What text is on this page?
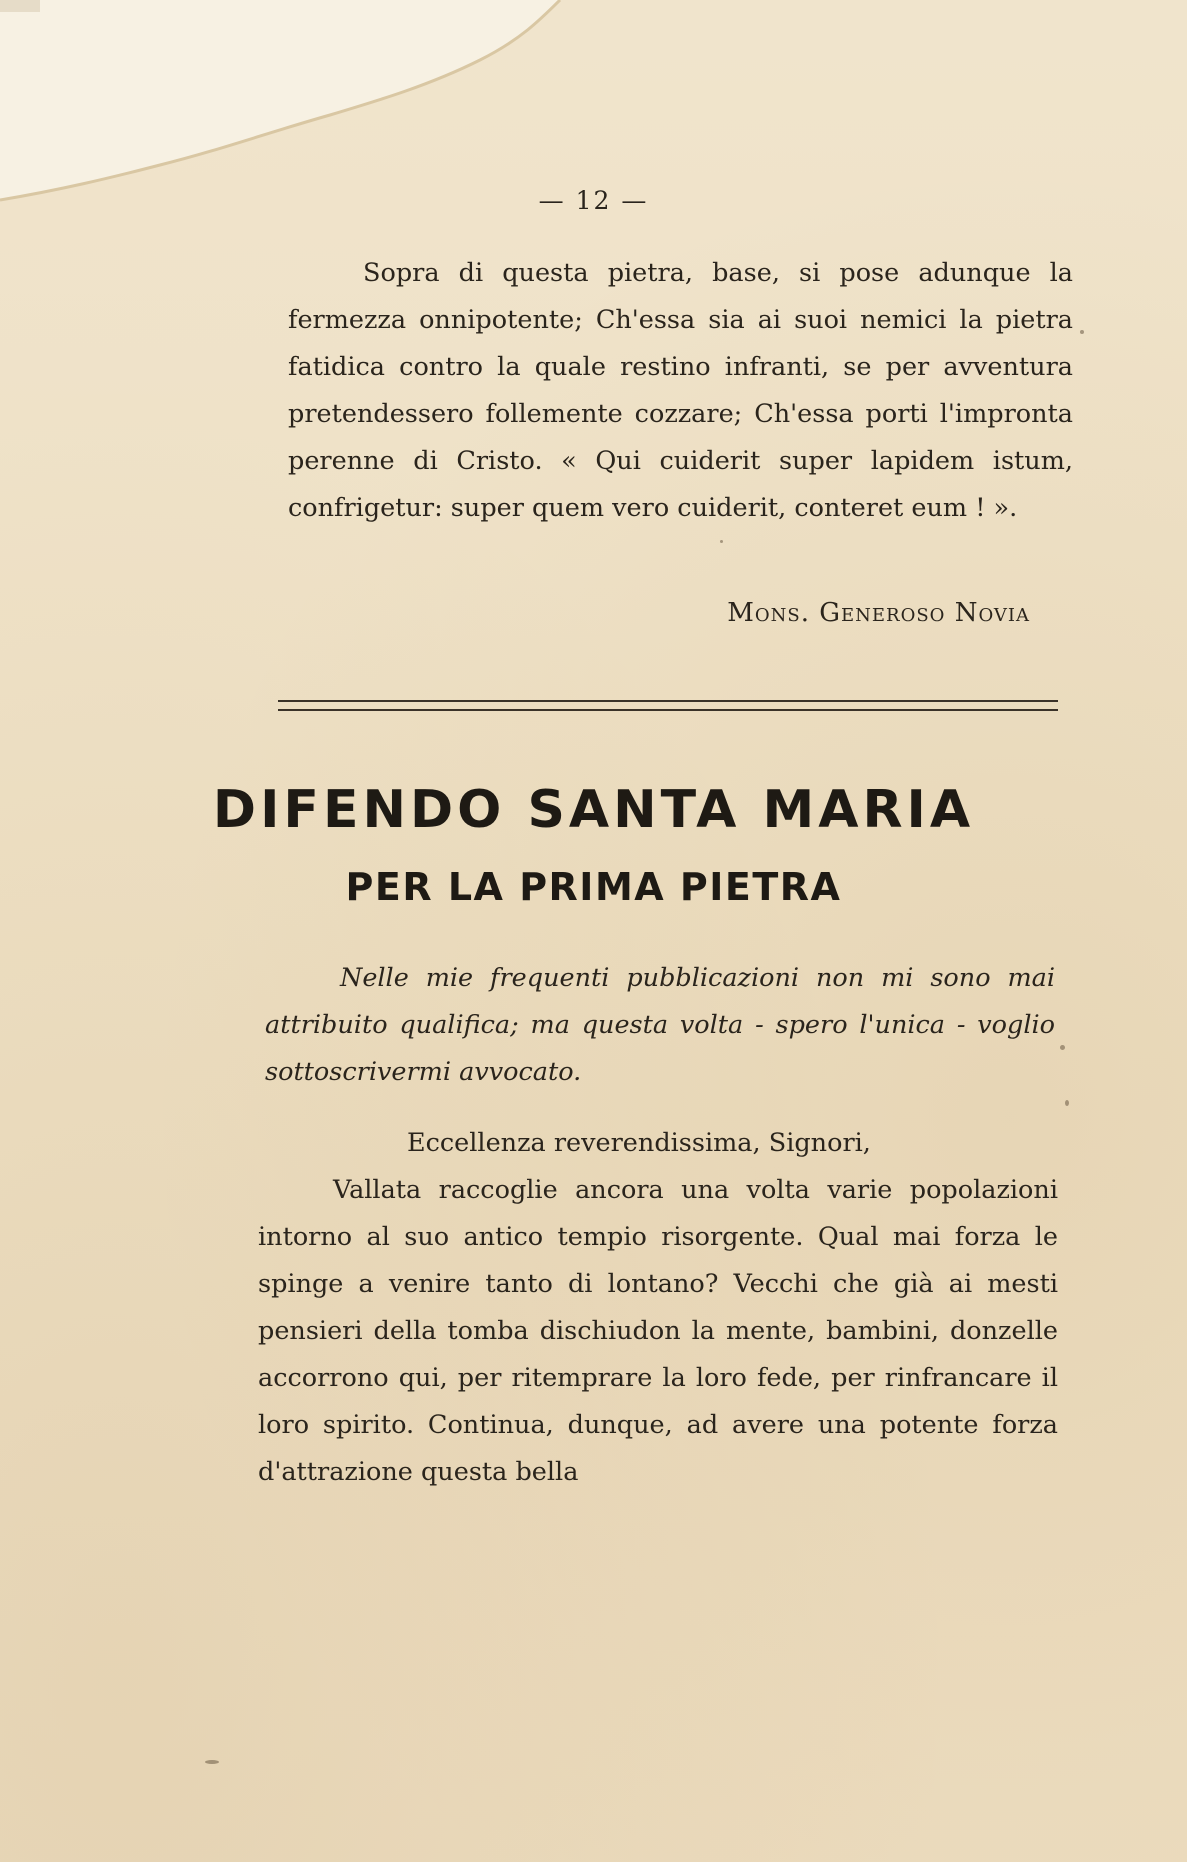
— 12 —

Sopra di questa pietra, base, si pose adunque la fermezza onnipotente; Ch'essa sia ai suoi nemici la pietra fatidica contro la quale restino infranti, se per avventura pretendessero follemente cozzare; Ch'essa porti l'impronta perenne di Cristo. « Qui cuiderit super lapidem istum, confrigetur: super quem vero cuiderit, conteret eum ! ».

Mons. Generoso Novia
DIFENDO SANTA MARIA
PER LA PRIMA PIETRA

Nelle mie frequenti pubblicazioni non mi sono mai attribuito qualifica; ma questa volta - spero l'unica - voglio sottoscrivermi avvocato.

Eccellenza reverendissima, Signori,

Vallata raccoglie ancora una volta varie popolazioni intorno al suo antico tempio risorgente. Qual mai forza le spinge a venire tanto di lontano? Vecchi che già ai mesti pensieri della tomba dischiudon la mente, bambini, donzelle accorrono qui, per ritemprare la loro fede, per rinfrancare il loro spirito. Continua, dunque, ad avere una potente forza d'attrazione questa bella
